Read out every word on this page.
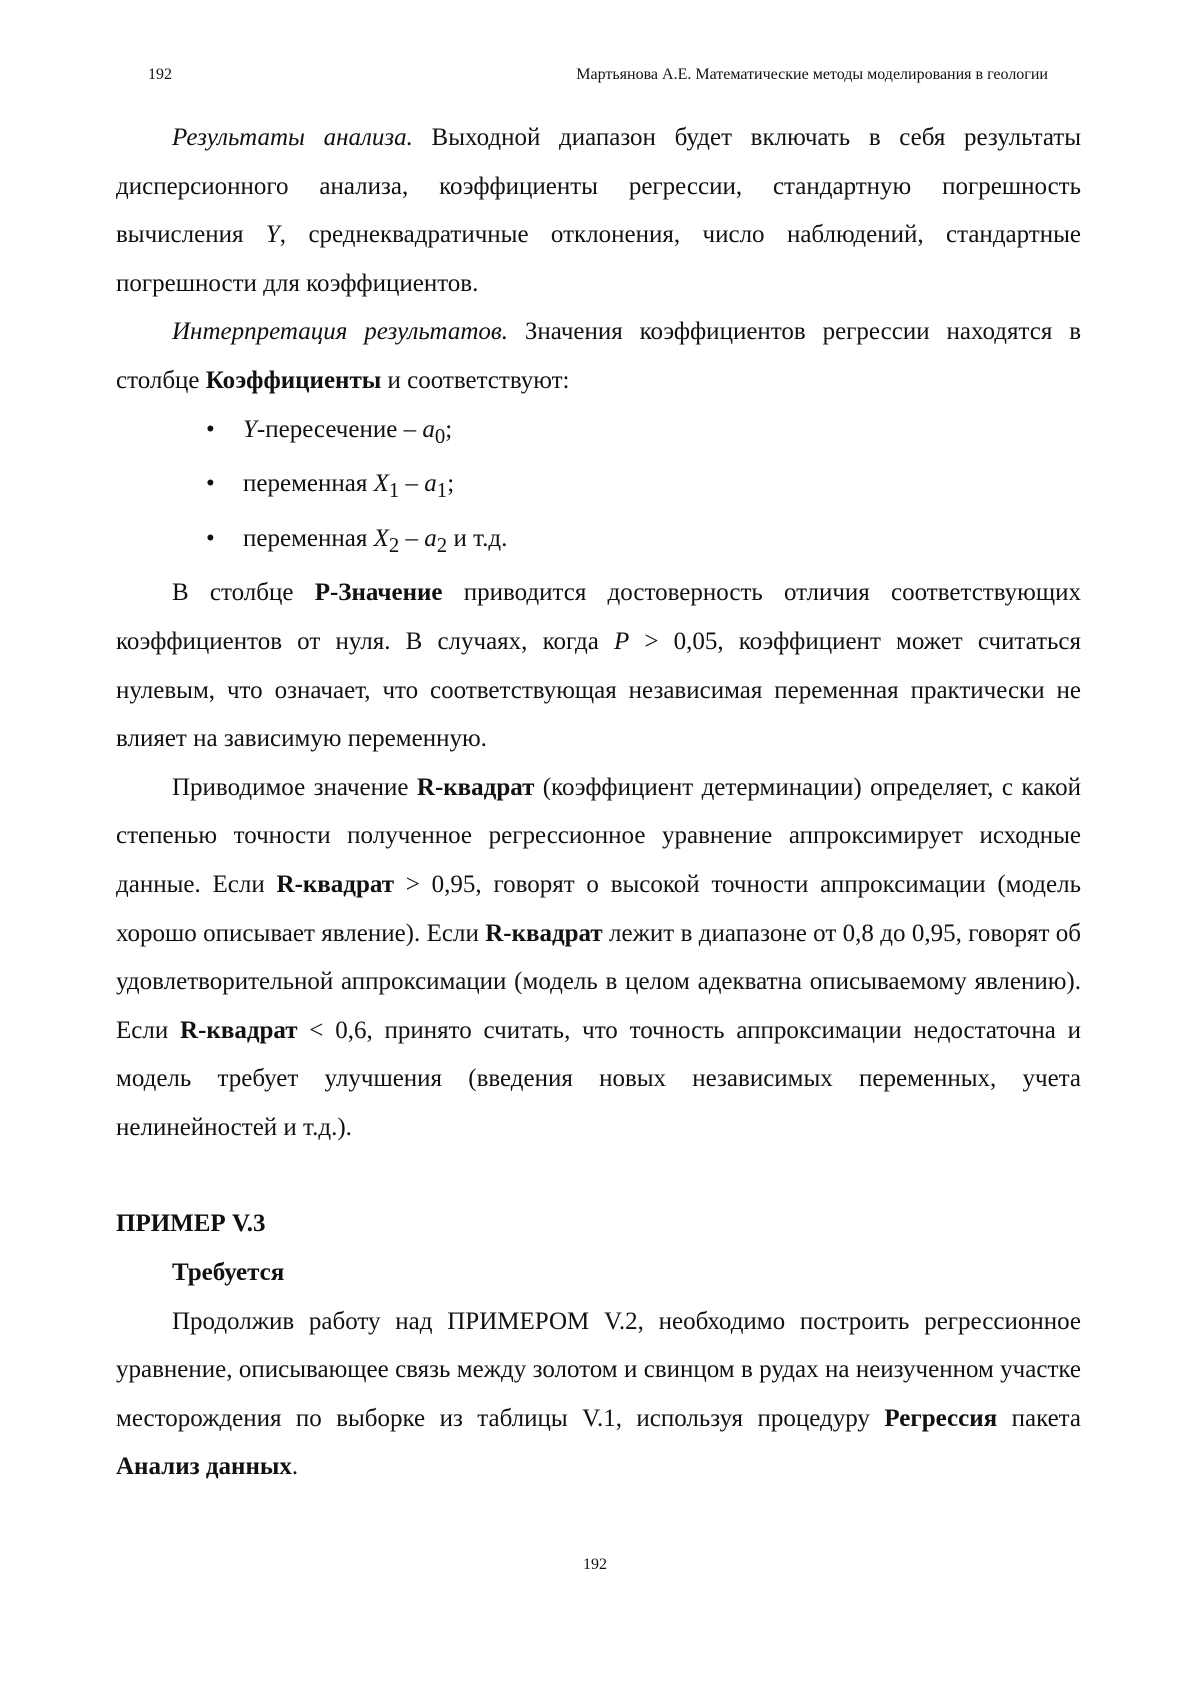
192	Мартьянова А.Е. Математические методы моделирования в геологии

Результаты анализа. Выходной диапазон будет включать в себя результаты дисперсионного анализа, коэффициенты регрессии, стандартную погрешность вычисления Y, среднеквадратичные отклонения, число наблюдений, стандартные погрешности для коэффициентов.

Интерпретация результатов. Значения коэффициентов регрессии находятся в столбце Коэффициенты и соответствуют:

• Y-пересечение – $a_0$;
• переменная $X_1 - a_1$;
• переменная $X_2 - a_2$ и т.д.

В столбце Р-Значение приводится достоверность отличия соответствующих коэффициентов от нуля. В случаях, когда P > 0,05, коэффициент может считаться нулевым, что означает, что соответствующая независимая переменная практически не влияет на зависимую переменную.

Приводимое значение R-квадрат (коэффициент детерминации) определяет, с какой степенью точности полученное регрессионное уравнение аппроксимирует исходные данные. Если R-квадрат > 0,95, говорят о высокой точности аппроксимации (модель хорошо описывает явление). Если R-квадрат лежит в диапазоне от 0,8 до 0,95, говорят об удовлетворительной аппроксимации (модель в целом адекватна описываемому явлению). Если R-квадрат < 0,6, принято считать, что точность аппроксимации недостаточна и модель требует улучшения (введения новых независимых переменных, учета нелинейностей и т.д.).

ПРИМЕР V.3

Требуется

Продолжив работу над ПРИМЕРОМ V.2, необходимо построить регрессионное уравнение, описывающее связь между золотом и свинцом в рудах на неизученном участке месторождения по выборке из таблицы V.1, используя процедуру Регрессия пакета Анализ данных.

192
